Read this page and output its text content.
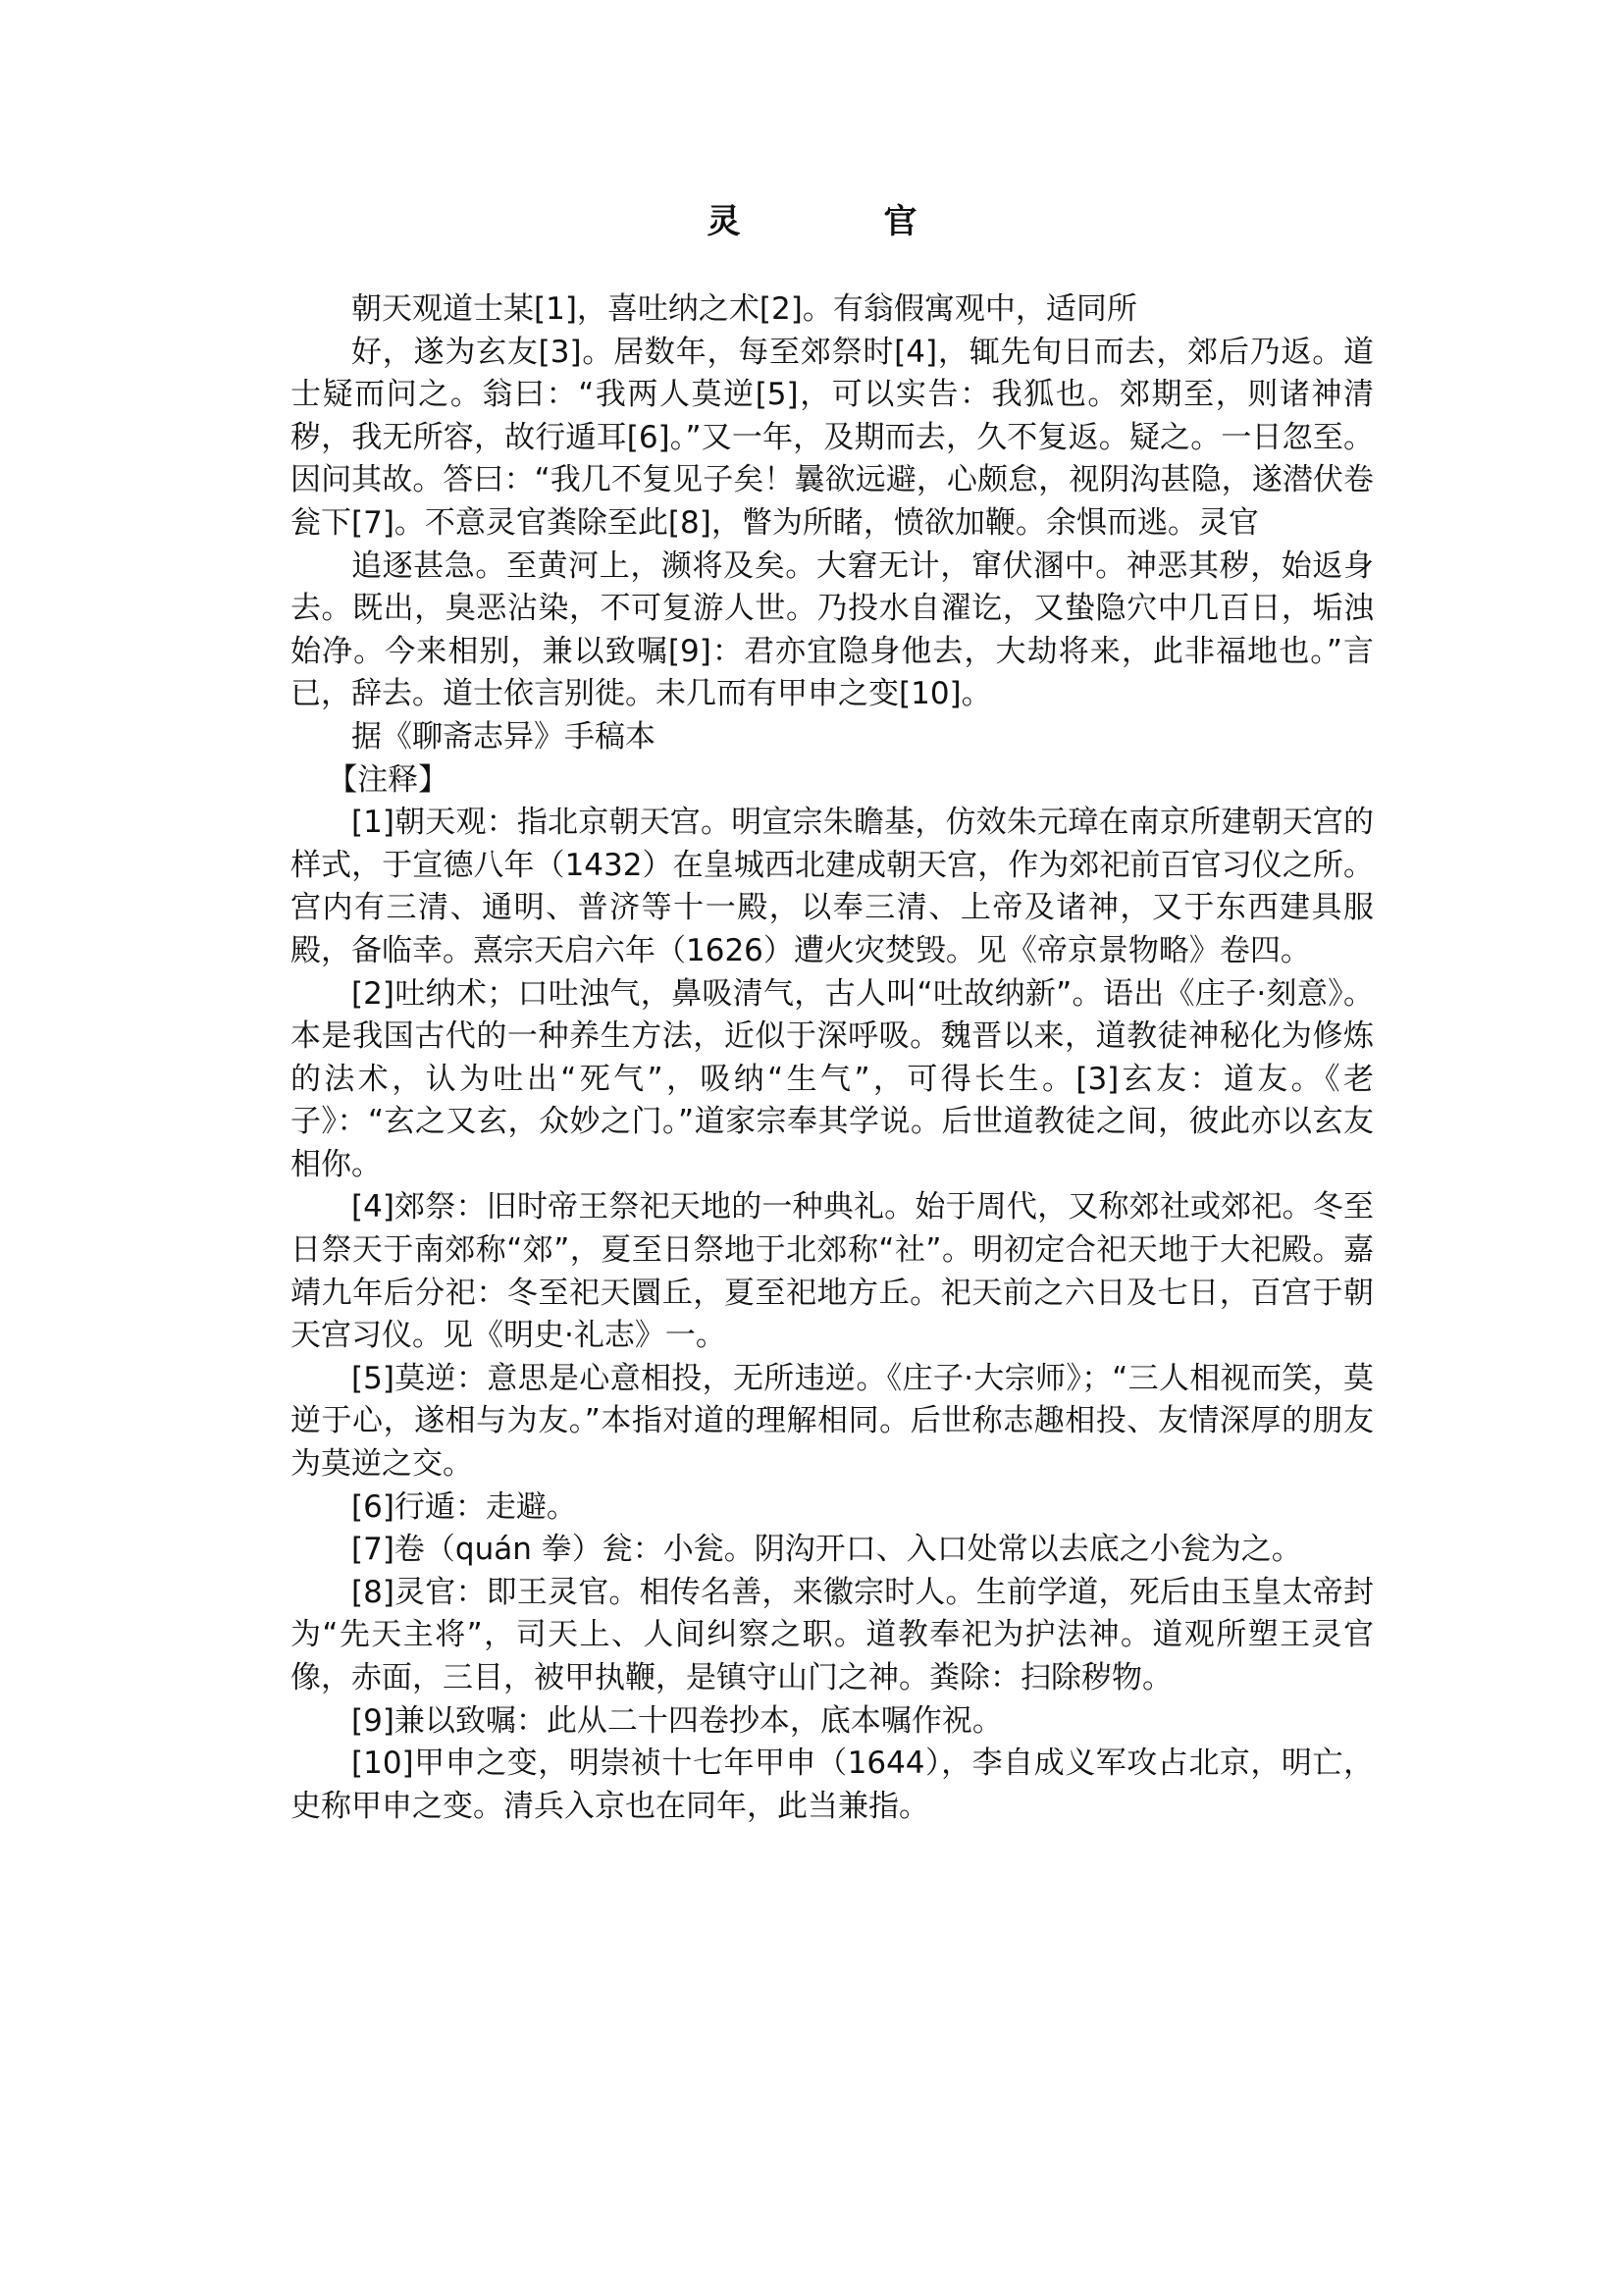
灵　官

朝天观道士某[1]，喜吐纳之术[2]。有翁假寓观中，适同所

好，遂为玄友[3]。居数年，每至郊祭时[4]，辄先旬日而去，郊后乃返。道士疑而问之。翁曰：“我两人莫逆[5]，可以实告：我狐也。郊期至，则诸神清秽，我无所容，故行遁耳[6]。”又一年，及期而去，久不复返。疑之。一日忽至。因问其故。答曰：“我几不复见子矣！曩欲远避，心颇怠，视阴沟甚隐，遂潜伏卷瓮下[7]。不意灵官粪除至此[8]，瞥为所睹，愤欲加鞭。余惧而逃。灵官

追逐甚急。至黄河上，濒将及矣。大窘无计，窜伏溷中。神恶其秽，始返身去。既出，臭恶沾染，不可复游人世。乃投水自濯讫，又蛰隐穴中几百日，垢浊始净。今来相别，兼以致嘱[9]：君亦宜隐身他去，大劫将来，此非福地也。”言已，辞去。道士依言别徙。未几而有甲申之变[10]。

据《聊斋志异》手稿本

【注释】

[1]朝天观：指北京朝天宫。明宣宗朱瞻基，仿效朱元璋在南京所建朝天宫的样式，于宣德八年（1432）在皇城西北建成朝天宫，作为郊祀前百官习仪之所。宫内有三清、通明、普济等十一殿，以奉三清、上帝及诸神，又于东西建具服殿，备临幸。熹宗天启六年（1626）遭火灾焚毁。见《帝京景物略》卷四。

[2]吐纳术；口吐浊气，鼻吸清气，古人叫“吐故纳新”。语出《庄子·刻意》。本是我国古代的一种养生方法，近似于深呼吸。魏晋以来，道教徒神秘化为修炼的法术，认为吐出“死气”，吸纳“生气”，可得长生。[3]玄友：道友。《老子》：“玄之又玄，众妙之门。”道家宗奉其学说。后世道教徒之间，彼此亦以玄友相你。

[4]郊祭：旧时帝王祭祀天地的一种典礼。始于周代，又称郊社或郊祀。冬至日祭天于南郊称“郊”，夏至日祭地于北郊称“社”。明初定合祀天地于大祀殿。嘉靖九年后分祀：冬至祀天圜丘，夏至祀地方丘。祀天前之六日及七日，百宫于朝天宫习仪。见《明史·礼志》一。

[5]莫逆：意思是心意相投，无所违逆。《庄子·大宗师》；“三人相视而笑，莫逆于心，遂相与为友。”本指对道的理解相同。后世称志趣相投、友情深厚的朋友为莫逆之交。

[6]行遁：走避。

[7]卷（quán 拳）瓮：小瓮。阴沟开口、入口处常以去底之小瓮为之。

[8]灵官：即王灵官。相传名善，来徽宗时人。生前学道，死后由玉皇太帝封为“先天主将”，司天上、人间纠察之职。道教奉祀为护法神。道观所塑王灵官像，赤面，三目，被甲执鞭，是镇守山门之神。粪除：扫除秽物。

[9]兼以致嘱：此从二十四卷抄本，底本嘱作祝。

[10]甲申之变，明崇祯十七年甲申（1644），李自成义军攻占北京，明亡，史称甲申之变。清兵入京也在同年，此当兼指。
